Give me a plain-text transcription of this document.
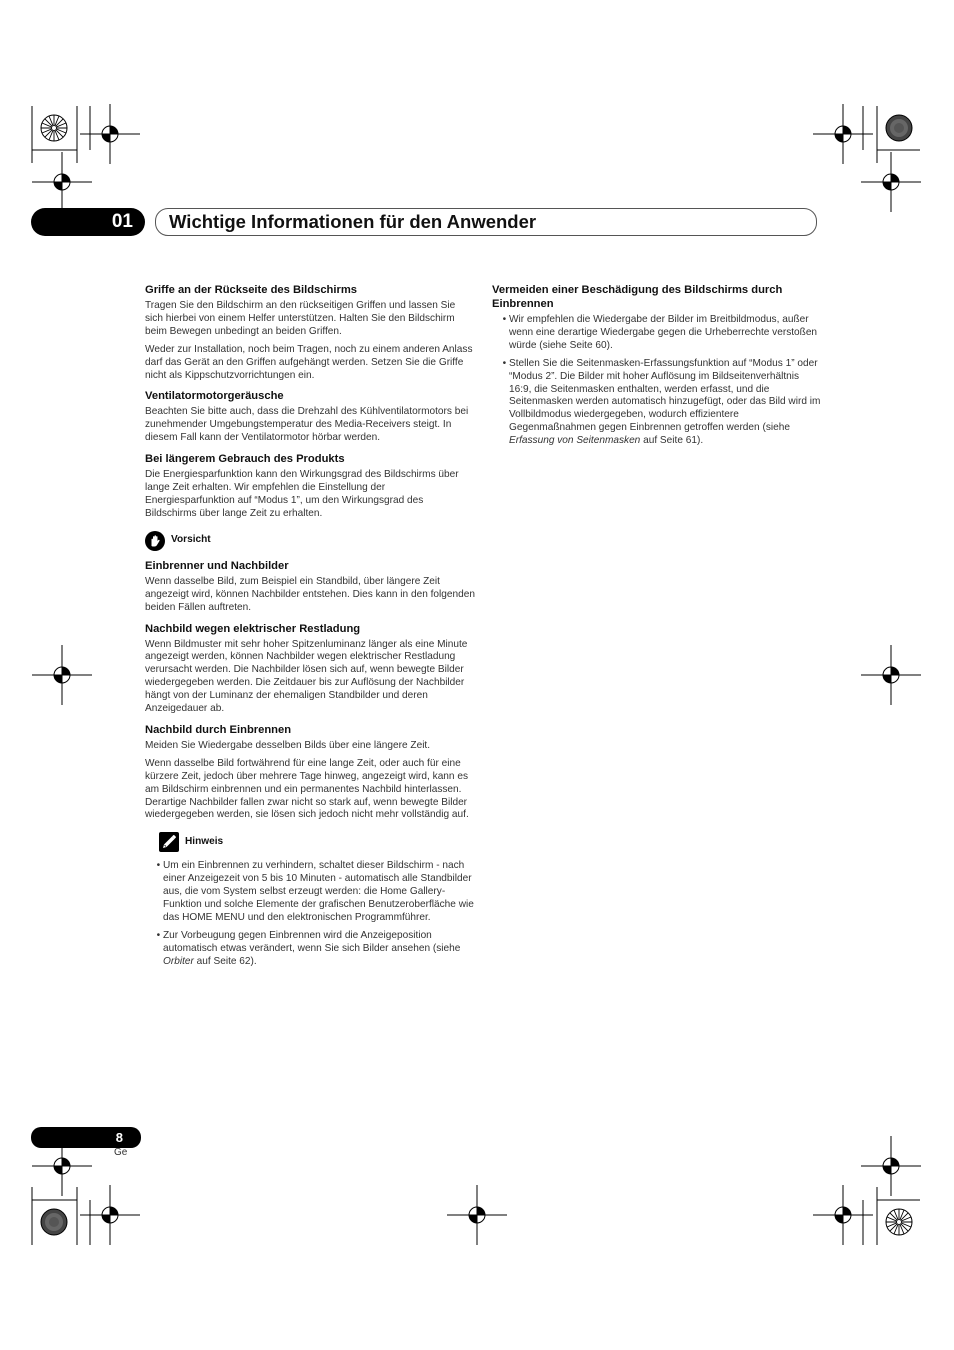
01	Wichtige Informationen für den Anwender
Griffe an der Rückseite des Bildschirms

Tragen Sie den Bildschirm an den rückseitigen Griffen und lassen Sie sich hierbei von einem Helfer unterstützen. Halten Sie den Bildschirm beim Bewegen unbedingt an beiden Griffen.

Weder zur Installation, noch beim Tragen, noch zu einem anderen Anlass darf das Gerät an den Griffen aufgehängt werden. Setzen Sie die Griffe nicht als Kippschutzvorrichtungen ein.

Ventilatormotorgeräusche

Beachten Sie bitte auch, dass die Drehzahl des Kühlventilatormotors bei zunehmender Umgebungstemperatur des Media-Receivers steigt. In diesem Fall kann der Ventilatormotor hörbar werden.

Bei längerem Gebrauch des Produkts

Die Energiesparfunktion kann den Wirkungsgrad des Bildschirms über lange Zeit erhalten. Wir empfehlen die Einstellung der Energiesparfunktion auf “Modus 1”, um den Wirkungsgrad des Bildschirms über lange Zeit zu erhalten.

Vorsicht
Einbrenner und Nachbilder

Wenn dasselbe Bild, zum Beispiel ein Standbild, über längere Zeit angezeigt wird, können Nachbilder entstehen. Dies kann in den folgenden beiden Fällen auftreten.

Nachbild wegen elektrischer Restladung

Wenn Bildmuster mit sehr hoher Spitzenluminanz länger als eine Minute angezeigt werden, können Nachbilder wegen elektrischer Restladung verursacht werden. Die Nachbilder lösen sich auf, wenn bewegte Bilder wiedergegeben werden. Die Zeitdauer bis zur Auflösung der Nachbilder hängt von der Luminanz der ehemaligen Standbilder und deren Anzeigedauer ab.

Nachbild durch Einbrennen

Meiden Sie Wiedergabe desselben Bilds über eine längere Zeit.

Wenn dasselbe Bild fortwährend für eine lange Zeit, oder auch für eine kürzere Zeit, jedoch über mehrere Tage hinweg, angezeigt wird, kann es am Bildschirm einbrennen und ein permanentes Nachbild hinterlassen. Derartige Nachbilder fallen zwar nicht so stark auf, wenn bewegte Bilder wiedergegeben werden, sie lösen sich jedoch nicht mehr vollständig auf.

Hinweis
• Um ein Einbrennen zu verhindern, schaltet dieser Bildschirm - nach einer Anzeigezeit von 5 bis 10 Minuten - automatisch alle Standbilder aus, die vom System selbst erzeugt werden: die Home Gallery-Funktion und solche Elemente der grafischen Benutzeroberfläche wie das HOME MENU und den elektronischen Programmführer.
• Zur Vorbeugung gegen Einbrennen wird die Anzeigeposition automatisch etwas verändert, wenn Sie sich Bilder ansehen (siehe Orbiter auf Seite 62).
Vermeiden einer Beschädigung des Bildschirms durch Einbrennen
• Wir empfehlen die Wiedergabe der Bilder im Breitbildmodus, außer wenn eine derartige Wiedergabe gegen die Urheberrechte verstoßen würde (siehe Seite 60).
• Stellen Sie die Seitenmasken-Erfassungsfunktion auf “Modus 1” oder “Modus 2”. Die Bilder mit hoher Auflösung im Bildseitenverhältnis 16:9, die Seitenmasken enthalten, werden erfasst, und die Seitenmasken werden automatisch hinzugefügt, oder das Bild wird im Vollbildmodus wiedergegeben, wodurch effizientere Gegenmaßnahmen gegen Einbrennen getroffen werden (siehe Erfassung von Seitenmasken auf Seite 61).
8
Ge
